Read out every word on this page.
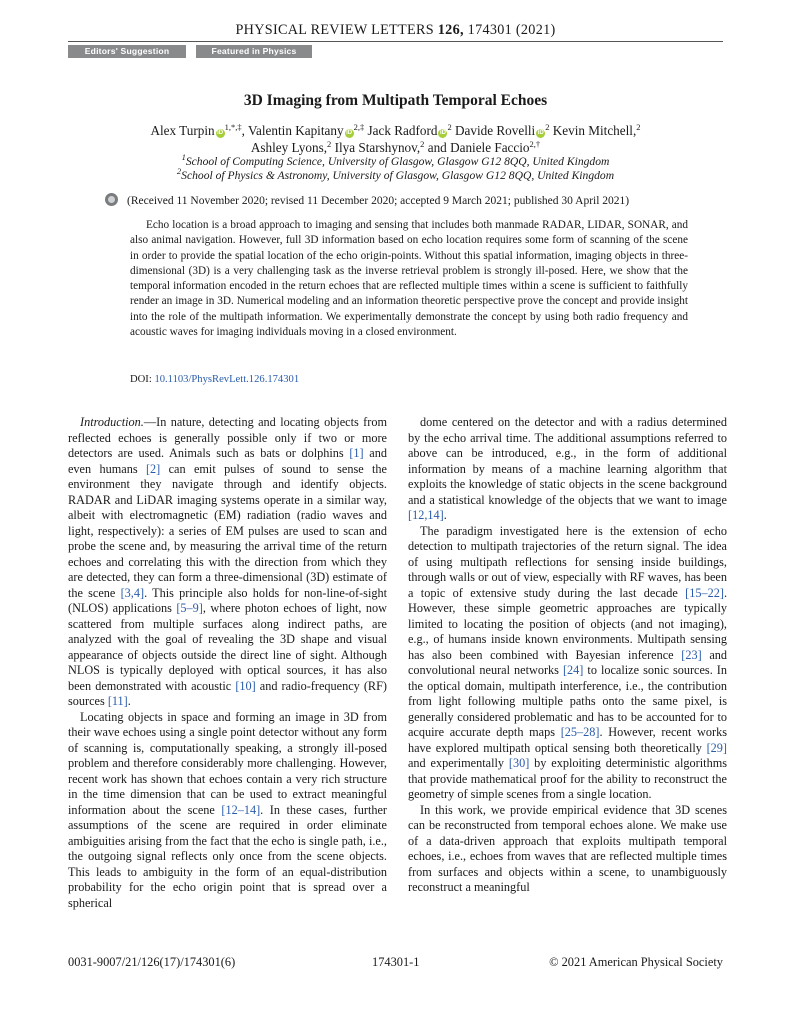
PHYSICAL REVIEW LETTERS 126, 174301 (2021)
Editors' Suggestion	Featured in Physics
3D Imaging from Multipath Temporal Echoes
Alex Turpin iD$^{1,*,\ddagger}$, Valentin Kapitany iD$^{2,\ddagger}$ Jack Radford iD$^2$ Davide Rovelli iD$^2$ Kevin Mitchell,$^2$
Ashley Lyons,$^2$ Ilya Starshynov,$^2$ and Daniele Faccio$^{2,\dagger}$
$^1$School of Computing Science, University of Glasgow, Glasgow G12 8QQ, United Kingdom
$^2$School of Physics & Astronomy, University of Glasgow, Glasgow G12 8QQ, United Kingdom
(Received 11 November 2020; revised 11 December 2020; accepted 9 March 2021; published 30 April 2021)

Echo location is a broad approach to imaging and sensing that includes both manmade RADAR, LIDAR, SONAR, and also animal navigation. However, full 3D information based on echo location requires some form of scanning of the scene in order to provide the spatial location of the echo origin-points. Without this spatial information, imaging objects in three-dimensional (3D) is a very challenging task as the inverse retrieval problem is strongly ill-posed. Here, we show that the temporal information encoded in the return echoes that are reflected multiple times within a scene is sufficient to faithfully render an image in 3D. Numerical modeling and an information theoretic perspective prove the concept and provide insight into the role of the multipath information. We experimentally demonstrate the concept by using both radio frequency and acoustic waves for imaging individuals moving in a closed environment.

DOI: 10.1103/PhysRevLett.126.174301

Introduction.—In nature, detecting and locating objects from reflected echoes is generally possible only if two or more detectors are used. Animals such as bats or dolphins [1] and even humans [2] can emit pulses of sound to sense the environment they navigate through and identify objects. RADAR and LiDAR imaging systems operate in a similar way, albeit with electromagnetic (EM) radiation (radio waves and light, respectively): a series of EM pulses are used to scan and probe the scene and, by measuring the arrival time of the return echoes and correlating this with the direction from which they are detected, they can form a three-dimensional (3D) estimate of the scene [3,4]. This principle also holds for non-line-of-sight (NLOS) applications [5–9], where photon echoes of light, now scattered from multiple surfaces along indirect paths, are analyzed with the goal of revealing the 3D shape and visual appearance of objects outside the direct line of sight. Although NLOS is typically deployed with optical sources, it has also been demonstrated with acoustic [10] and radio-frequency (RF) sources [11].

Locating objects in space and forming an image in 3D from their wave echoes using a single point detector without any form of scanning is, computationally speaking, a strongly ill-posed problem and therefore considerably more challenging. However, recent work has shown that echoes contain a very rich structure in the time dimension that can be used to extract meaningful information about the scene [12–14]. In these cases, further assumptions of the scene are required in order eliminate ambiguities arising from the fact that the echo is single path, i.e., the outgoing signal reflects only once from the scene objects. This leads to ambiguity in the form of an equal-distribution probability for the echo origin point that is spread over a spherical

dome centered on the detector and with a radius determined by the echo arrival time. The additional assumptions referred to above can be introduced, e.g., in the form of additional information by means of a machine learning algorithm that exploits the knowledge of static objects in the scene background and a statistical knowledge of the objects that we want to image [12,14].

The paradigm investigated here is the extension of echo detection to multipath trajectories of the return signal. The idea of using multipath reflections for sensing inside buildings, through walls or out of view, especially with RF waves, has been a topic of extensive study during the last decade [15–22]. However, these simple geometric approaches are typically limited to locating the position of objects (and not imaging), e.g., of humans inside known environments. Multipath sensing has also been combined with Bayesian inference [23] and convolutional neural networks [24] to localize sonic sources. In the optical domain, multipath interference, i.e., the contribution from light following multiple paths onto the same pixel, is generally considered problematic and has to be accounted for to acquire accurate depth maps [25–28]. However, recent works have explored multipath optical sensing both theoretically [29] and experimentally [30] by exploiting deterministic algorithms that provide mathematical proof for the ability to reconstruct the geometry of simple scenes from a single location.

In this work, we provide empirical evidence that 3D scenes can be reconstructed from temporal echoes alone. We make use of a data-driven approach that exploits multipath temporal echoes, i.e., echoes from waves that are reflected multiple times from surfaces and objects within a scene, to unambiguously reconstruct a meaningful

0031-9007/21/126(17)/174301(6)	174301-1	© 2021 American Physical Society
